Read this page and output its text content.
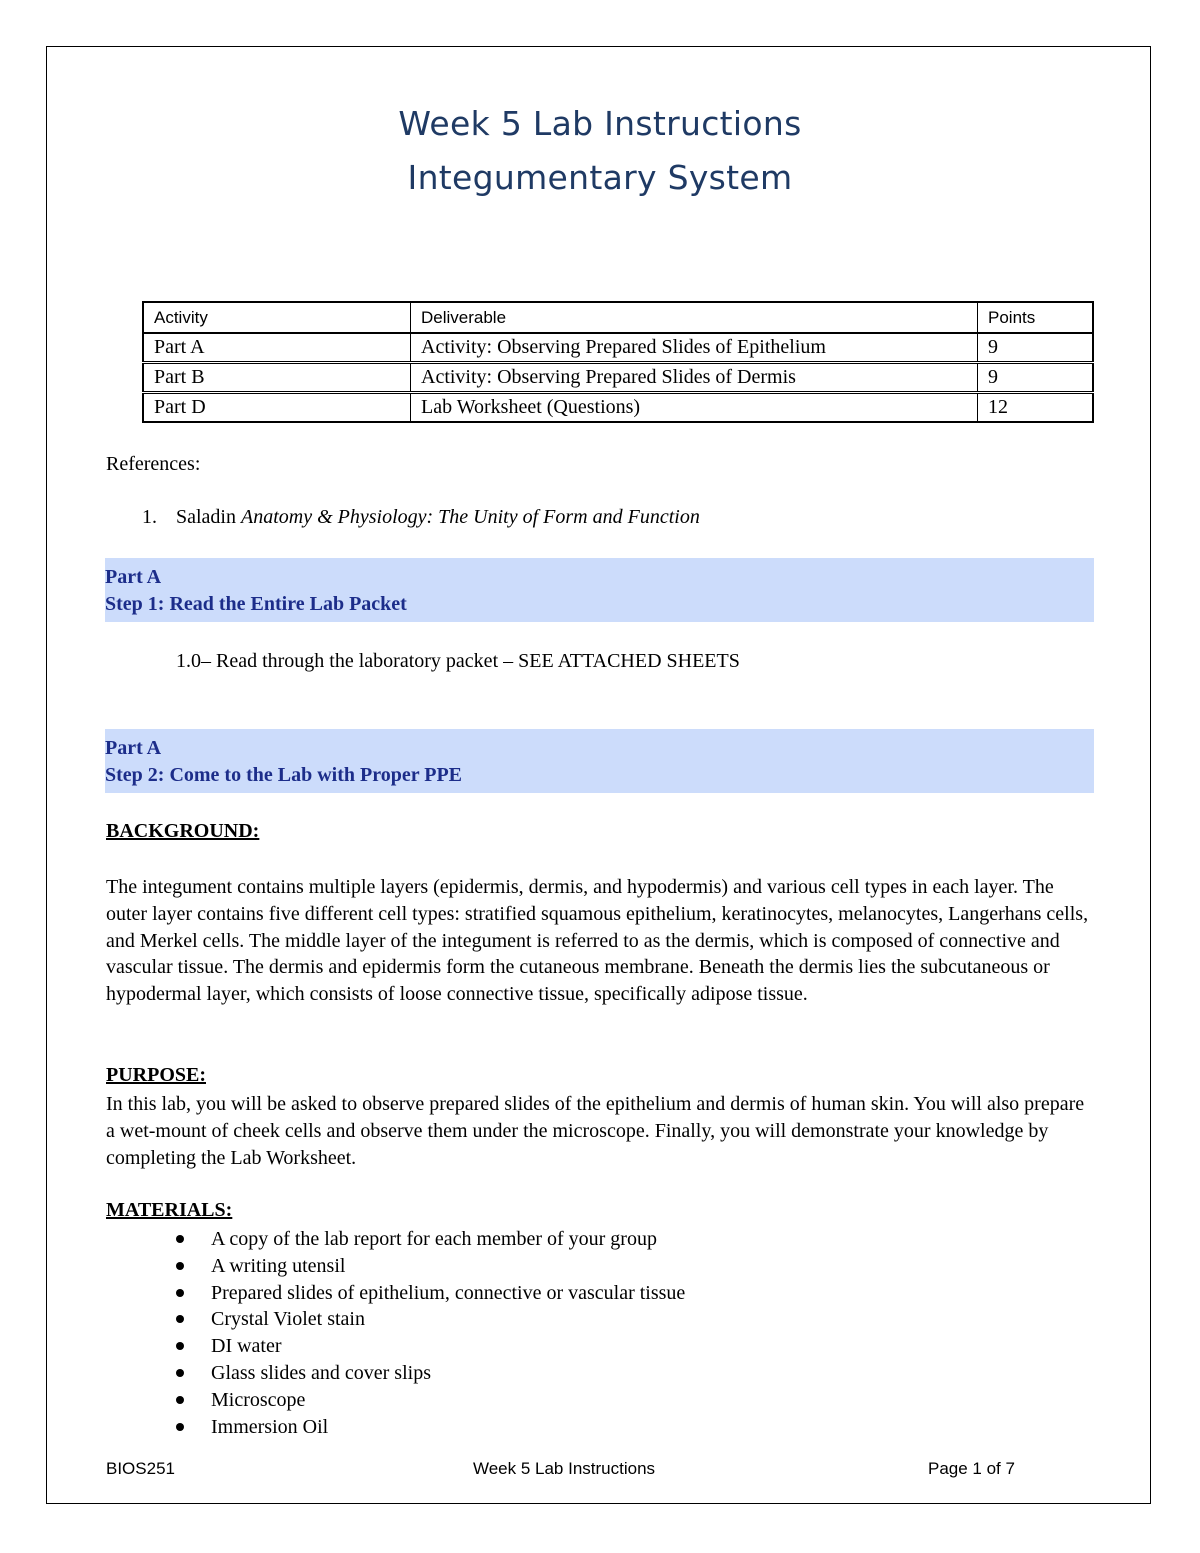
Week 5 Lab Instructions
Integumentary System
Activity	Deliverable	Points
Part A	Activity: Observing Prepared Slides of Epithelium	9
Part B	Activity: Observing Prepared Slides of Dermis	9
Part D	Lab Worksheet (Questions)	12
References:
1. Saladin Anatomy & Physiology: The Unity of Form and Function
Part A
Step 1: Read the Entire Lab Packet
1.0– Read through the laboratory packet – SEE ATTACHED SHEETS
Part A
Step 2: Come to the Lab with Proper PPE
BACKGROUND:
The integument contains multiple layers (epidermis, dermis, and hypodermis) and various cell types in each layer. The outer layer contains five different cell types: stratified squamous epithelium, keratinocytes, melanocytes, Langerhans cells, and Merkel cells. The middle layer of the integument is referred to as the dermis, which is composed of connective and vascular tissue. The dermis and epidermis form the cutaneous membrane. Beneath the dermis lies the subcutaneous or hypodermal layer, which consists of loose connective tissue, specifically adipose tissue.
PURPOSE:
In this lab, you will be asked to observe prepared slides of the epithelium and dermis of human skin. You will also prepare a wet-mount of cheek cells and observe them under the microscope. Finally, you will demonstrate your knowledge by completing the Lab Worksheet.
MATERIALS:
A copy of the lab report for each member of your group
A writing utensil
Prepared slides of epithelium, connective or vascular tissue
Crystal Violet stain
DI water
Glass slides and cover slips
Microscope
Immersion Oil
BIOS251	Week 5 Lab Instructions	Page 1 of 7
